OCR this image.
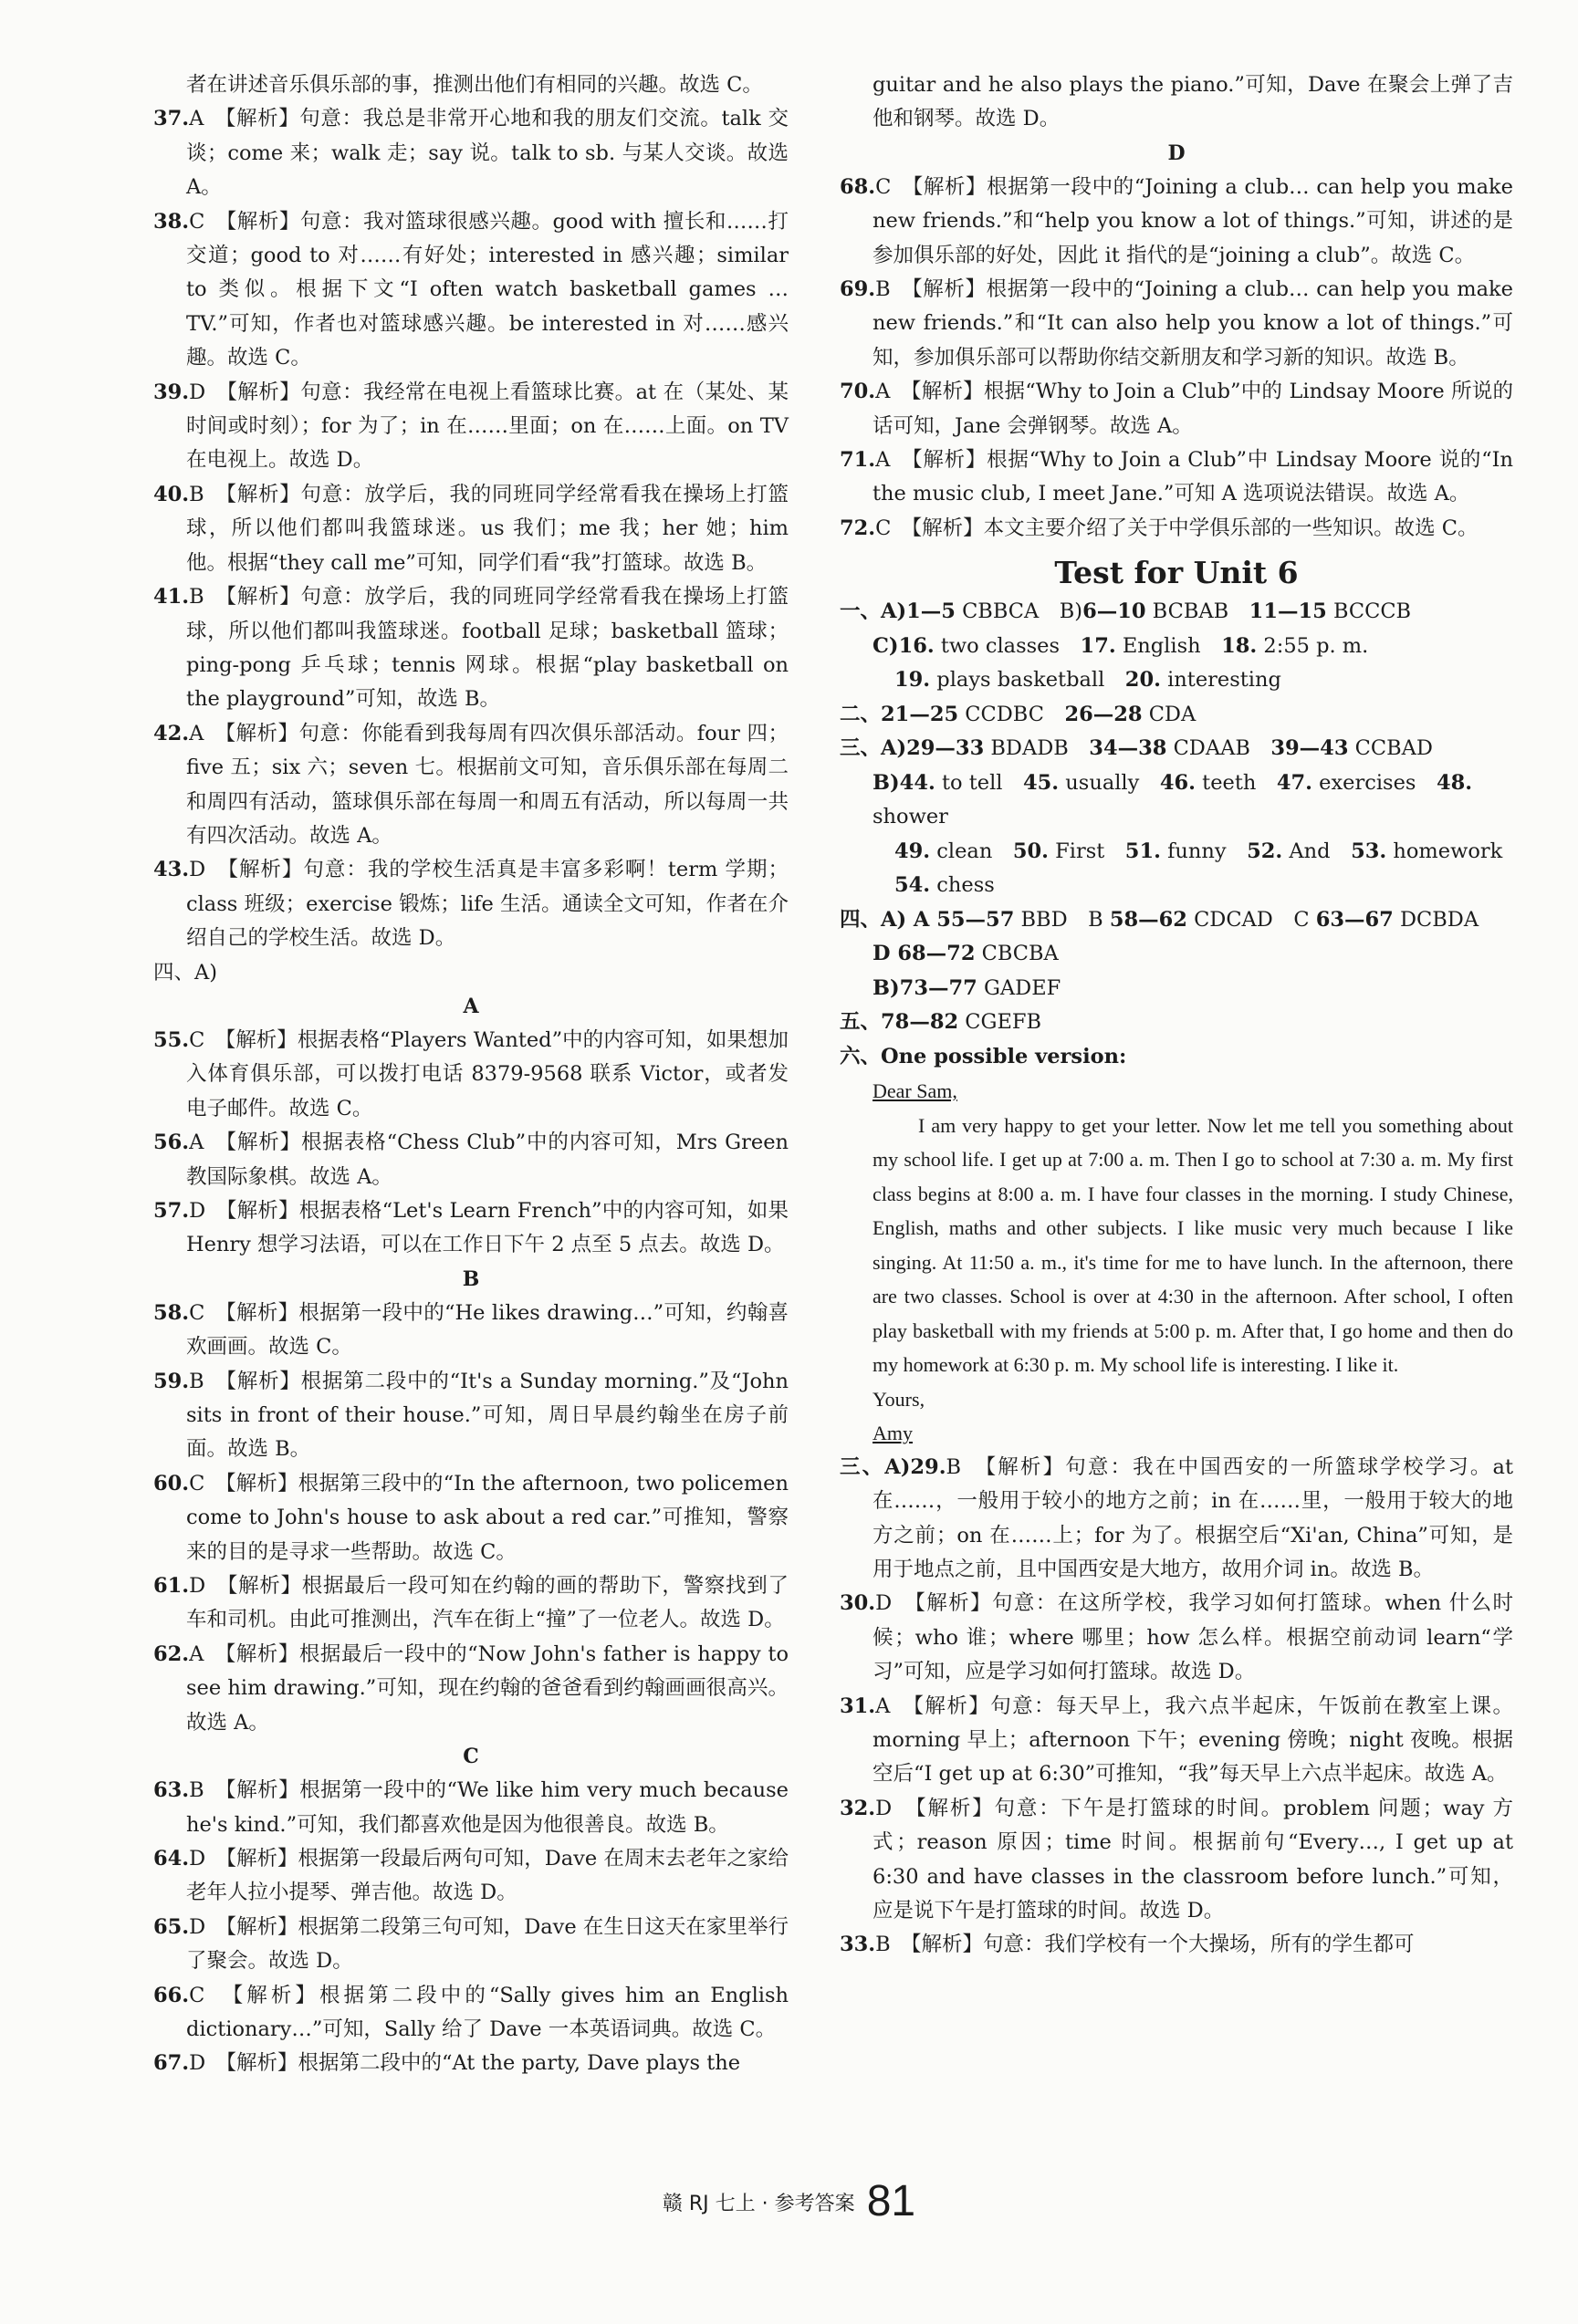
者在讲述音乐俱乐部的事，推测出他们有相同的兴趣。故选 C。
37.A　【解析】句意：我总是非常开心地和我的朋友们交流。talk 交谈；come 来；walk 走；say 说。talk to sb. 与某人交谈。故选 A。
38.C　【解析】句意：我对篮球很感兴趣。good with 擅长和……打交道；good to 对……有好处；interested in 感兴趣；similar to 类似。根据下文“I often watch basketball games … TV.”可知，作者也对篮球感兴趣。be interested in 对……感兴趣。故选 C。
39.D　【解析】句意：我经常在电视上看篮球比赛。at 在（某处、某时间或时刻）；for 为了；in 在……里面；on 在……上面。on TV 在电视上。故选 D。
40.B　【解析】句意：放学后，我的同班同学经常看我在操场上打篮球，所以他们都叫我篮球迷。us 我们；me 我；her 她；him 他。根据“they call me”可知，同学们看“我”打篮球。故选 B。
41.B　【解析】句意：放学后，我的同班同学经常看我在操场上打篮球，所以他们都叫我篮球迷。football 足球；basketball 篮球；ping-pong 乒乓球；tennis 网球。根据“play basketball on the playground”可知，故选 B。
42.A　【解析】句意：你能看到我每周有四次俱乐部活动。four 四；five 五；six 六；seven 七。根据前文可知，音乐俱乐部在每周二和周四有活动，篮球俱乐部在每周一和周五有活动，所以每周一共有四次活动。故选 A。
43.D　【解析】句意：我的学校生活真是丰富多彩啊！term 学期；class 班级；exercise 锻炼；life 生活。通读全文可知，作者在介绍自己的学校生活。故选 D。
四、A)
A
55.C　【解析】根据表格“Players Wanted”中的内容可知，如果想加入体育俱乐部，可以拨打电话 8379-9568 联系 Victor，或者发电子邮件。故选 C。
56.A　【解析】根据表格“Chess Club”中的内容可知，Mrs Green 教国际象棋。故选 A。
57.D　【解析】根据表格“Let's Learn French”中的内容可知，如果 Henry 想学习法语，可以在工作日下午 2 点至 5 点去。故选 D。
B
58.C　【解析】根据第一段中的“He likes drawing…”可知，约翰喜欢画画。故选 C。
59.B　【解析】根据第二段中的“It's a Sunday morning.”及“John sits in front of their house.”可知，周日早晨约翰坐在房子前面。故选 B。
60.C　【解析】根据第三段中的“In the afternoon, two policemen come to John's house to ask about a red car.”可推知，警察来的目的是寻求一些帮助。故选 C。
61.D　【解析】根据最后一段可知在约翰的画的帮助下，警察找到了车和司机。由此可推测出，汽车在街上“撞”了一位老人。故选 D。
62.A　【解析】根据最后一段中的“Now John's father is happy to see him drawing.”可知，现在约翰的爸爸看到约翰画画很高兴。故选 A。
C
63.B　【解析】根据第一段中的“We like him very much because he's kind.”可知，我们都喜欢他是因为他很善良。故选 B。
64.D　【解析】根据第一段最后两句可知，Dave 在周末去老年之家给老年人拉小提琴、弹吉他。故选 D。
65.D　【解析】根据第二段第三句可知，Dave 在生日这天在家里举行了聚会。故选 D。
66.C　【解析】根据第二段中的“Sally gives him an English dictionary…”可知，Sally 给了 Dave 一本英语词典。故选 C。
67.D　【解析】根据第二段中的“At the party, Dave plays the
guitar and he also plays the piano.”可知，Dave 在聚会上弹了吉他和钢琴。故选 D。
D
68.C　【解析】根据第一段中的“Joining a club… can help you make new friends.”和“help you know a lot of things.”可知，讲述的是参加俱乐部的好处，因此 it 指代的是“joining a club”。故选 C。
69.B　【解析】根据第一段中的“Joining a club… can help you make new friends.”和“It can also help you know a lot of things.”可知，参加俱乐部可以帮助你结交新朋友和学习新的知识。故选 B。
70.A　【解析】根据“Why to Join a Club”中的 Lindsay Moore 所说的话可知，Jane 会弹钢琴。故选 A。
71.A　【解析】根据“Why to Join a Club”中 Lindsay Moore 说的“In the music club, I meet Jane.”可知 A 选项说法错误。故选 A。
72.C　【解析】本文主要介绍了关于中学俱乐部的一些知识。故选 C。
Test for Unit 6
一、A)1—5 CBBCA　B)6—10 BCBAB　11—15 BCCCB
C)16. two classes　17. English　18. 2:55 p. m.
19. plays basketball　20. interesting
二、21—25 CCDBC　26—28 CDA
三、A)29—33 BDADB　34—38 CDAAB　39—43 CCBAD
B)44. to tell　45. usually　46. teeth　47. exercises　48. shower
49. clean　50. First　51. funny　52. And　53. homework
54. chess
四、A) A 55—57 BBD　B 58—62 CDCAD　C 63—67 DCBDA
D 68—72 CBCBA
B)73—77 GADEF
五、78—82 CGEFB
六、One possible version:

Dear Sam,

I am very happy to get your letter. Now let me tell you something about my school life. I get up at 7:00 a. m. Then I go to school at 7:30 a. m. My first class begins at 8:00 a. m. I have four classes in the morning. I study Chinese, English, maths and other subjects. I like music very much because I like singing. At 11:50 a. m., it's time for me to have lunch. In the afternoon, there are two classes. School is over at 4:30 in the afternoon. After school, I often play basketball with my friends at 5:00 p. m. After that, I go home and then do my homework at 6:30 p. m. My school life is interesting. I like it.

Yours,

Amy

三、A)29.B　【解析】句意：我在中国西安的一所篮球学校学习。at 在……，一般用于较小的地方之前；in 在……里，一般用于较大的地方之前；on 在……上；for 为了。根据空后“Xi'an, China”可知，是用于地点之前，且中国西安是大地方，故用介词 in。故选 B。
30.D　【解析】句意：在这所学校，我学习如何打篮球。when 什么时候；who 谁；where 哪里；how 怎么样。根据空前动词 learn“学习”可知，应是学习如何打篮球。故选 D。
31.A　【解析】句意：每天早上，我六点半起床，午饭前在教室上课。morning 早上；afternoon 下午；evening 傍晚；night 夜晚。根据空后“I get up at 6:30”可推知，“我”每天早上六点半起床。故选 A。
32.D　【解析】句意：下午是打篮球的时间。problem 问题；way 方式；reason 原因；time 时间。根据前句“Every…, I get up at 6:30 and have classes in the classroom before lunch.”可知，应是说下午是打篮球的时间。故选 D。
33.B　【解析】句意：我们学校有一个大操场，所有的学生都可
赣 RJ 七上 · 参考答案 81
